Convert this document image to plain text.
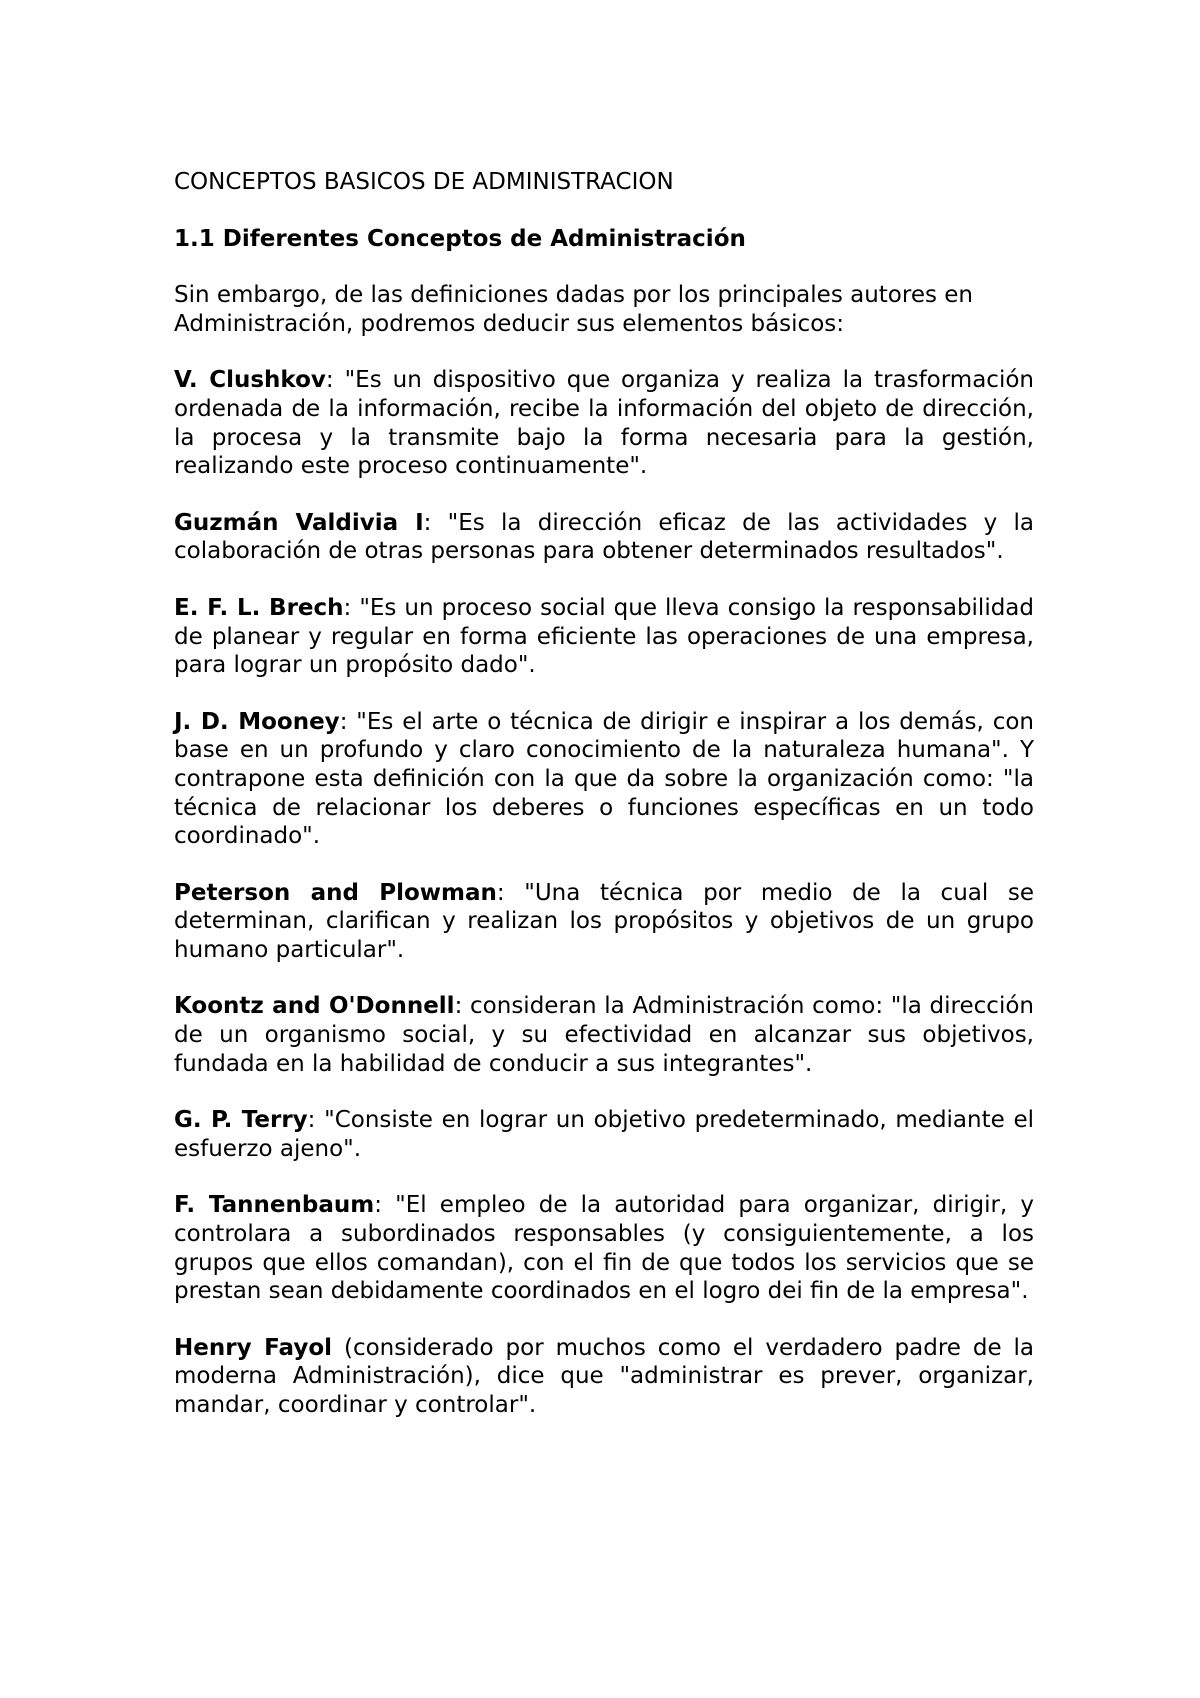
CONCEPTOS BASICOS DE ADMINISTRACION

1.1 Diferentes Conceptos de Administración

Sin embargo, de las definiciones dadas por los principales autores en Administración, podremos deducir sus elementos básicos:

V. Clushkov: "Es un dispositivo que organiza y realiza la trasformación ordenada de la información, recibe la información del objeto de dirección, la procesa y la transmite bajo la forma necesaria para la gestión, realizando este proceso continuamente".

Guzmán Valdivia I: "Es la dirección eficaz de las actividades y la colaboración de otras personas para obtener determinados resultados".

E. F. L. Brech: "Es un proceso social que lleva consigo la responsabilidad de planear y regular en forma eficiente las operaciones de una empresa, para lograr un propósito dado".

J. D. Mooney: "Es el arte o técnica de dirigir e inspirar a los demás, con base en un profundo y claro conocimiento de la naturaleza humana". Y contrapone esta definición con la que da sobre la organización como: "la técnica de relacionar los deberes o funciones específicas en un todo coordinado".

Peterson and Plowman: "Una técnica por medio de la cual se determinan, clarifican y realizan los propósitos y objetivos de un grupo humano particular".

Koontz and O'Donnell: consideran la Administración como: "la dirección de un organismo social, y su efectividad en alcanzar sus objetivos, fundada en la habilidad de conducir a sus integrantes".

G. P. Terry: "Consiste en lograr un objetivo predeterminado, mediante el esfuerzo ajeno".

F. Tannenbaum: "El empleo de la autoridad para organizar, dirigir, y controlara a subordinados responsables (y consiguientemente, a los grupos que ellos comandan), con el fin de que todos los servicios que se prestan sean debidamente coordinados en el logro dei fin de la empresa".

Henry Fayol (considerado por muchos como el verdadero padre de la moderna Administración), dice que "administrar es prever, organizar, mandar, coordinar y controlar".
